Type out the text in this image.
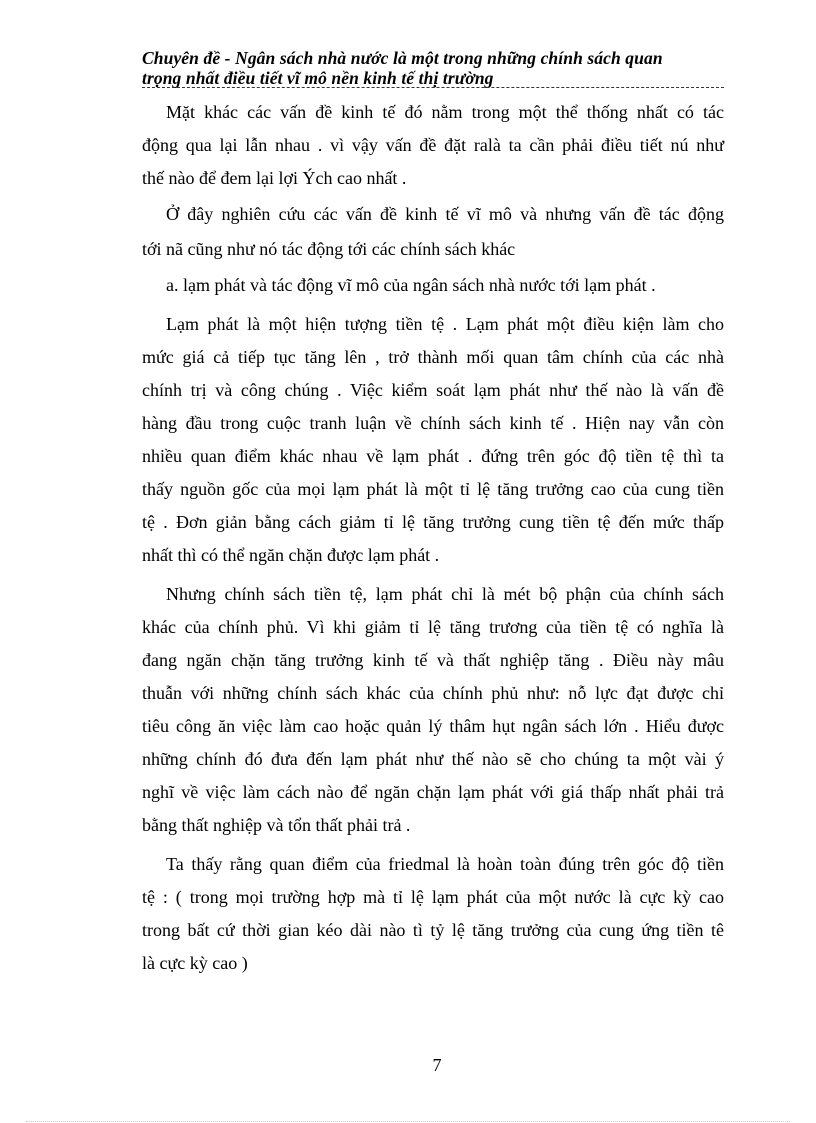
Chuyên đề - Ngân sách nhà nước là một trong những chính sách quan
trọng nhất điều tiết vĩ mô nền kinh tế thị trường
Mặt khác các vấn đề kinh tế đó nằm trong một thể thống nhất có tác
động qua lại lẫn nhau . vì vậy vấn đề đặt ralà ta cần phải điều tiết nú như
thế nào để đem lại lợi Ých cao nhất .
Ở đây nghiên cứu các vấn đề kinh tế vĩ mô và nhưng vấn đề tác động
tới nã cũng như nó tác động tới các chính sách khác
a. lạm phát và tác động vĩ mô của ngân sách nhà nước tới lạm phát .
Lạm phát là một hiện tượng tiền tệ . Lạm phát một điều kiện làm cho
mức giá cả tiếp tục tăng lên , trở thành mối quan tâm chính của các nhà
chính trị và công chúng . Việc kiểm soát lạm phát như thế nào là vấn đề
hàng đầu trong cuộc tranh luận về chính sách kinh tế . Hiện nay vẫn còn
nhiều quan điểm khác nhau về lạm phát . đứng trên góc độ tiền tệ thì ta
thấy nguồn gốc của mọi lạm phát là một tỉ lệ tăng trưởng cao của cung tiền
tệ . Đơn giản bằng cách giảm tỉ lệ tăng trưởng cung tiền tệ đến mức thấp
nhất thì có thể ngăn chặn được lạm phát .
Nhưng chính sách tiền tệ, lạm phát chỉ là mét bộ phận của chính sách
khác của chính phủ. Vì khi giảm tỉ lệ tăng trương của tiền tệ có nghĩa là
đang ngăn chặn tăng trưởng kinh tế và thất nghiệp tăng . Điều này mâu
thuẫn với những chính sách khác của chính phủ như: nỗ lực đạt được chỉ
tiêu công ăn việc làm cao hoặc quản lý thâm hụt ngân sách lớn . Hiểu được
những chính đó đưa đến lạm phát như thế nào sẽ cho chúng ta một vài ý
nghĩ về việc làm cách nào để ngăn chặn lạm phát với giá thấp nhất phải trả
bằng thất nghiệp và tổn thất phải trả .
Ta thấy rằng quan điểm của friedmal là hoàn toàn đúng trên góc độ tiền
tệ : ( trong mọi trường hợp mà tỉ lệ lạm phát của một nước là cực kỳ cao
trong bất cứ thời gian kéo dài nào tì tỷ lệ tăng trưởng của cung ứng tiền tê
là cực kỳ cao )
7
